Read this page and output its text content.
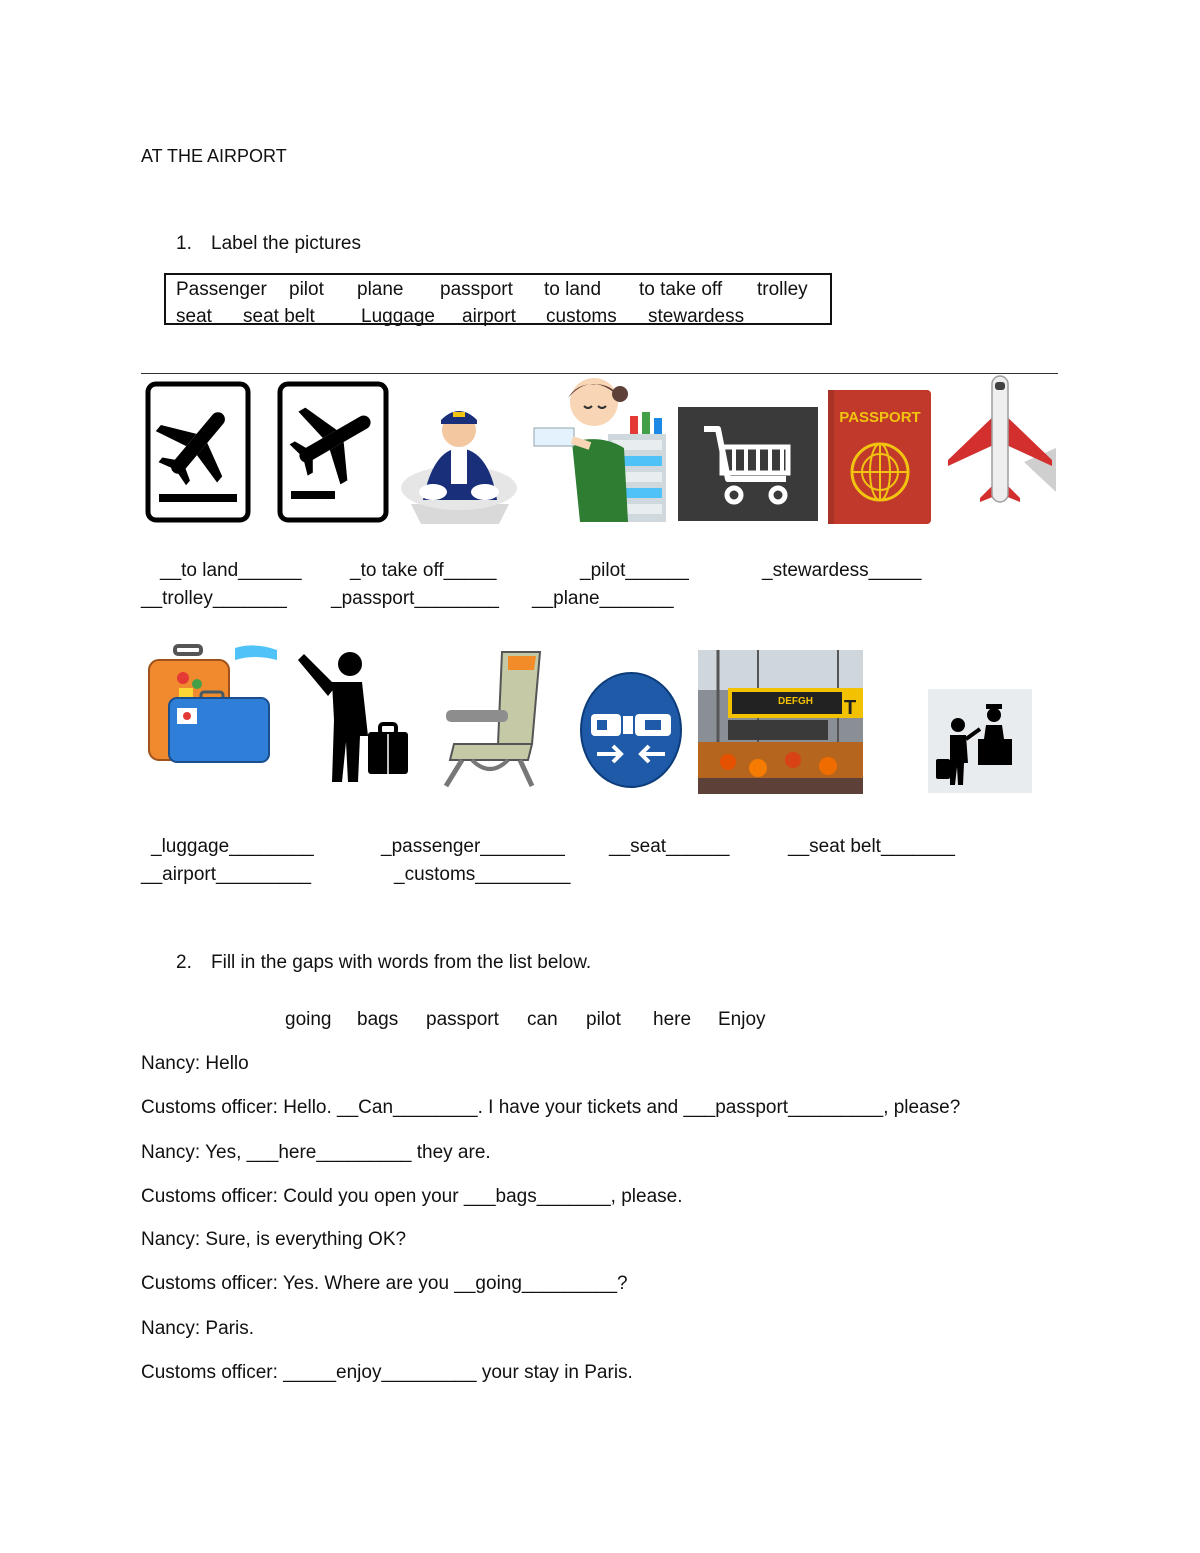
AT THE AIRPORT
1. Label the pictures
Passenger pilot plane passport to land to take off trolley
seat seat belt Luggage airport customs stewardess
PASSPORT
__to land______	_to take off_____	_pilot______	_stewardess_____
__trolley_______ _passport________ __plane_______
DEFGH T
_luggage________	_passenger________ __seat______	__seat belt_______
__airport_________	_customs_________
2. Fill in the gaps with words from the list below.
going bags passport can pilot here Enjoy
Nancy: Hello
Customs officer: Hello. __Can________. I have your tickets and ___passport_________, please?
Nancy: Yes, ___here_________ they are.
Customs officer: Could you open your ___bags_______, please.
Nancy: Sure, is everything OK?
Customs officer: Yes. Where are you __going_________?
Nancy: Paris.
Customs officer: _____enjoy_________ your stay in Paris.
